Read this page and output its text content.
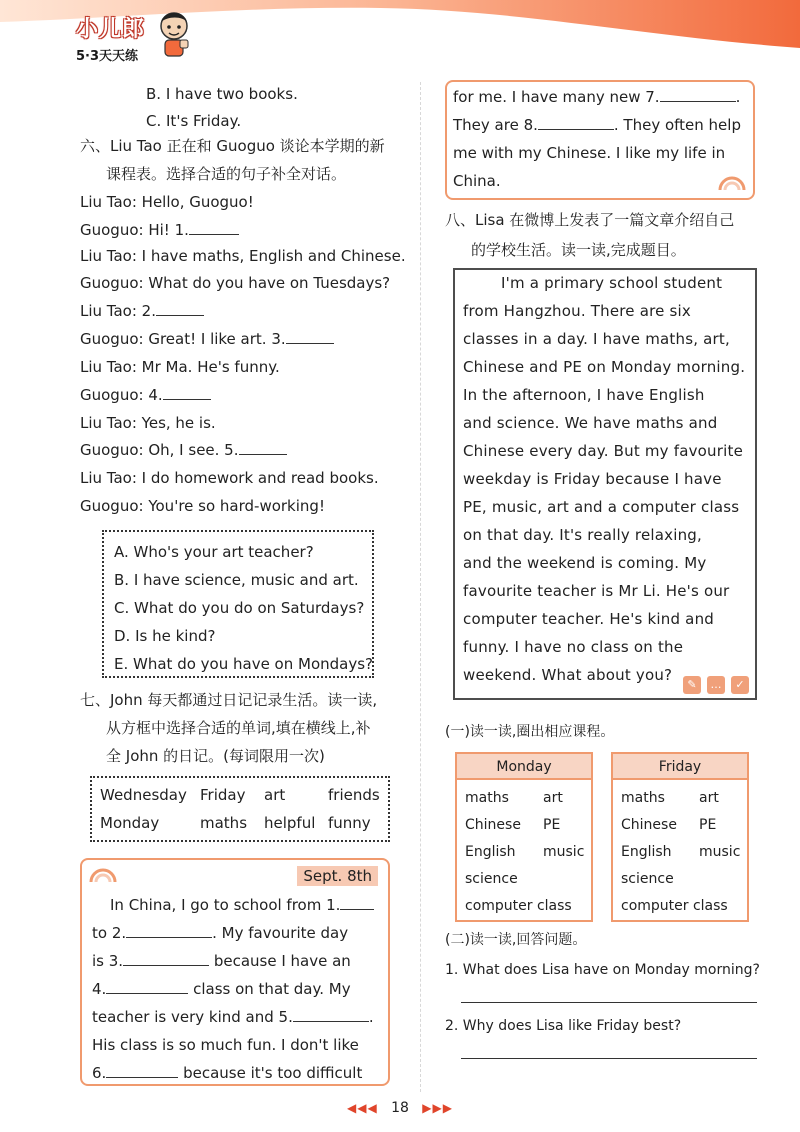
小儿郎
5·3天天练
B. I have two books.
C. It's Friday.
六、Liu Tao 正在和 Guoguo 谈论本学期的新
课程表。选择合适的句子补全对话。
Liu Tao: Hello, Guoguo!
Guoguo: Hi! 1.
Liu Tao: I have maths, English and Chinese.
Guoguo: What do you have on Tuesdays?
Liu Tao: 2.
Guoguo: Great! I like art. 3.
Liu Tao: Mr Ma. He's funny.
Guoguo: 4.
Liu Tao: Yes, he is.
Guoguo: Oh, I see. 5.
Liu Tao: I do homework and read books.
Guoguo: You're so hard-working!
A. Who's your art teacher?
B. I have science, music and art.
C. What do you do on Saturdays?
D. Is he kind?
E. What do you have on Mondays?
七、John 每天都通过日记记录生活。读一读,
从方框中选择合适的单词,填在横线上,补
全 John 的日记。(每词限用一次)
Wednesday Friday art	friends
Monday	maths helpful funny
Sept. 8th
In China, I go to school from 1.
to 2.	. My favourite day
is 3.	because I have an
4.	class on that day. My
teacher is very kind and 5.	.
His class is so much fun. I don't like
6.	because it's too difficult
for me. I have many new 7.	.
They are 8.	. They often help
me with my Chinese. I like my life in
China.
八、Lisa 在微博上发表了一篇文章介绍自己
的学校生活。读一读,完成题目。
I'm a primary school student
from Hangzhou. There are six
classes in a day. I have maths, art,
Chinese and PE on Monday morning.
In the afternoon, I have English
and science. We have maths and
Chinese every day. But my favourite
weekday is Friday because I have
PE, music, art and a computer class
on that day. It's really relaxing,
and the weekend is coming. My
favourite teacher is Mr Li. He's our
computer teacher. He's kind and
funny. I have no class on the
weekend. What about you?
✎	…	✓
(一)读一读,圈出相应课程。
Monday
maths art
Chinese PE
English music
science
computer class
Friday
maths art
Chinese PE
English music
science
computer class
(二)读一读,回答问题。
1. What does Lisa have on Monday morning?
2. Why does Lisa like Friday best?
◀◀◀ 18 ▶▶▶
